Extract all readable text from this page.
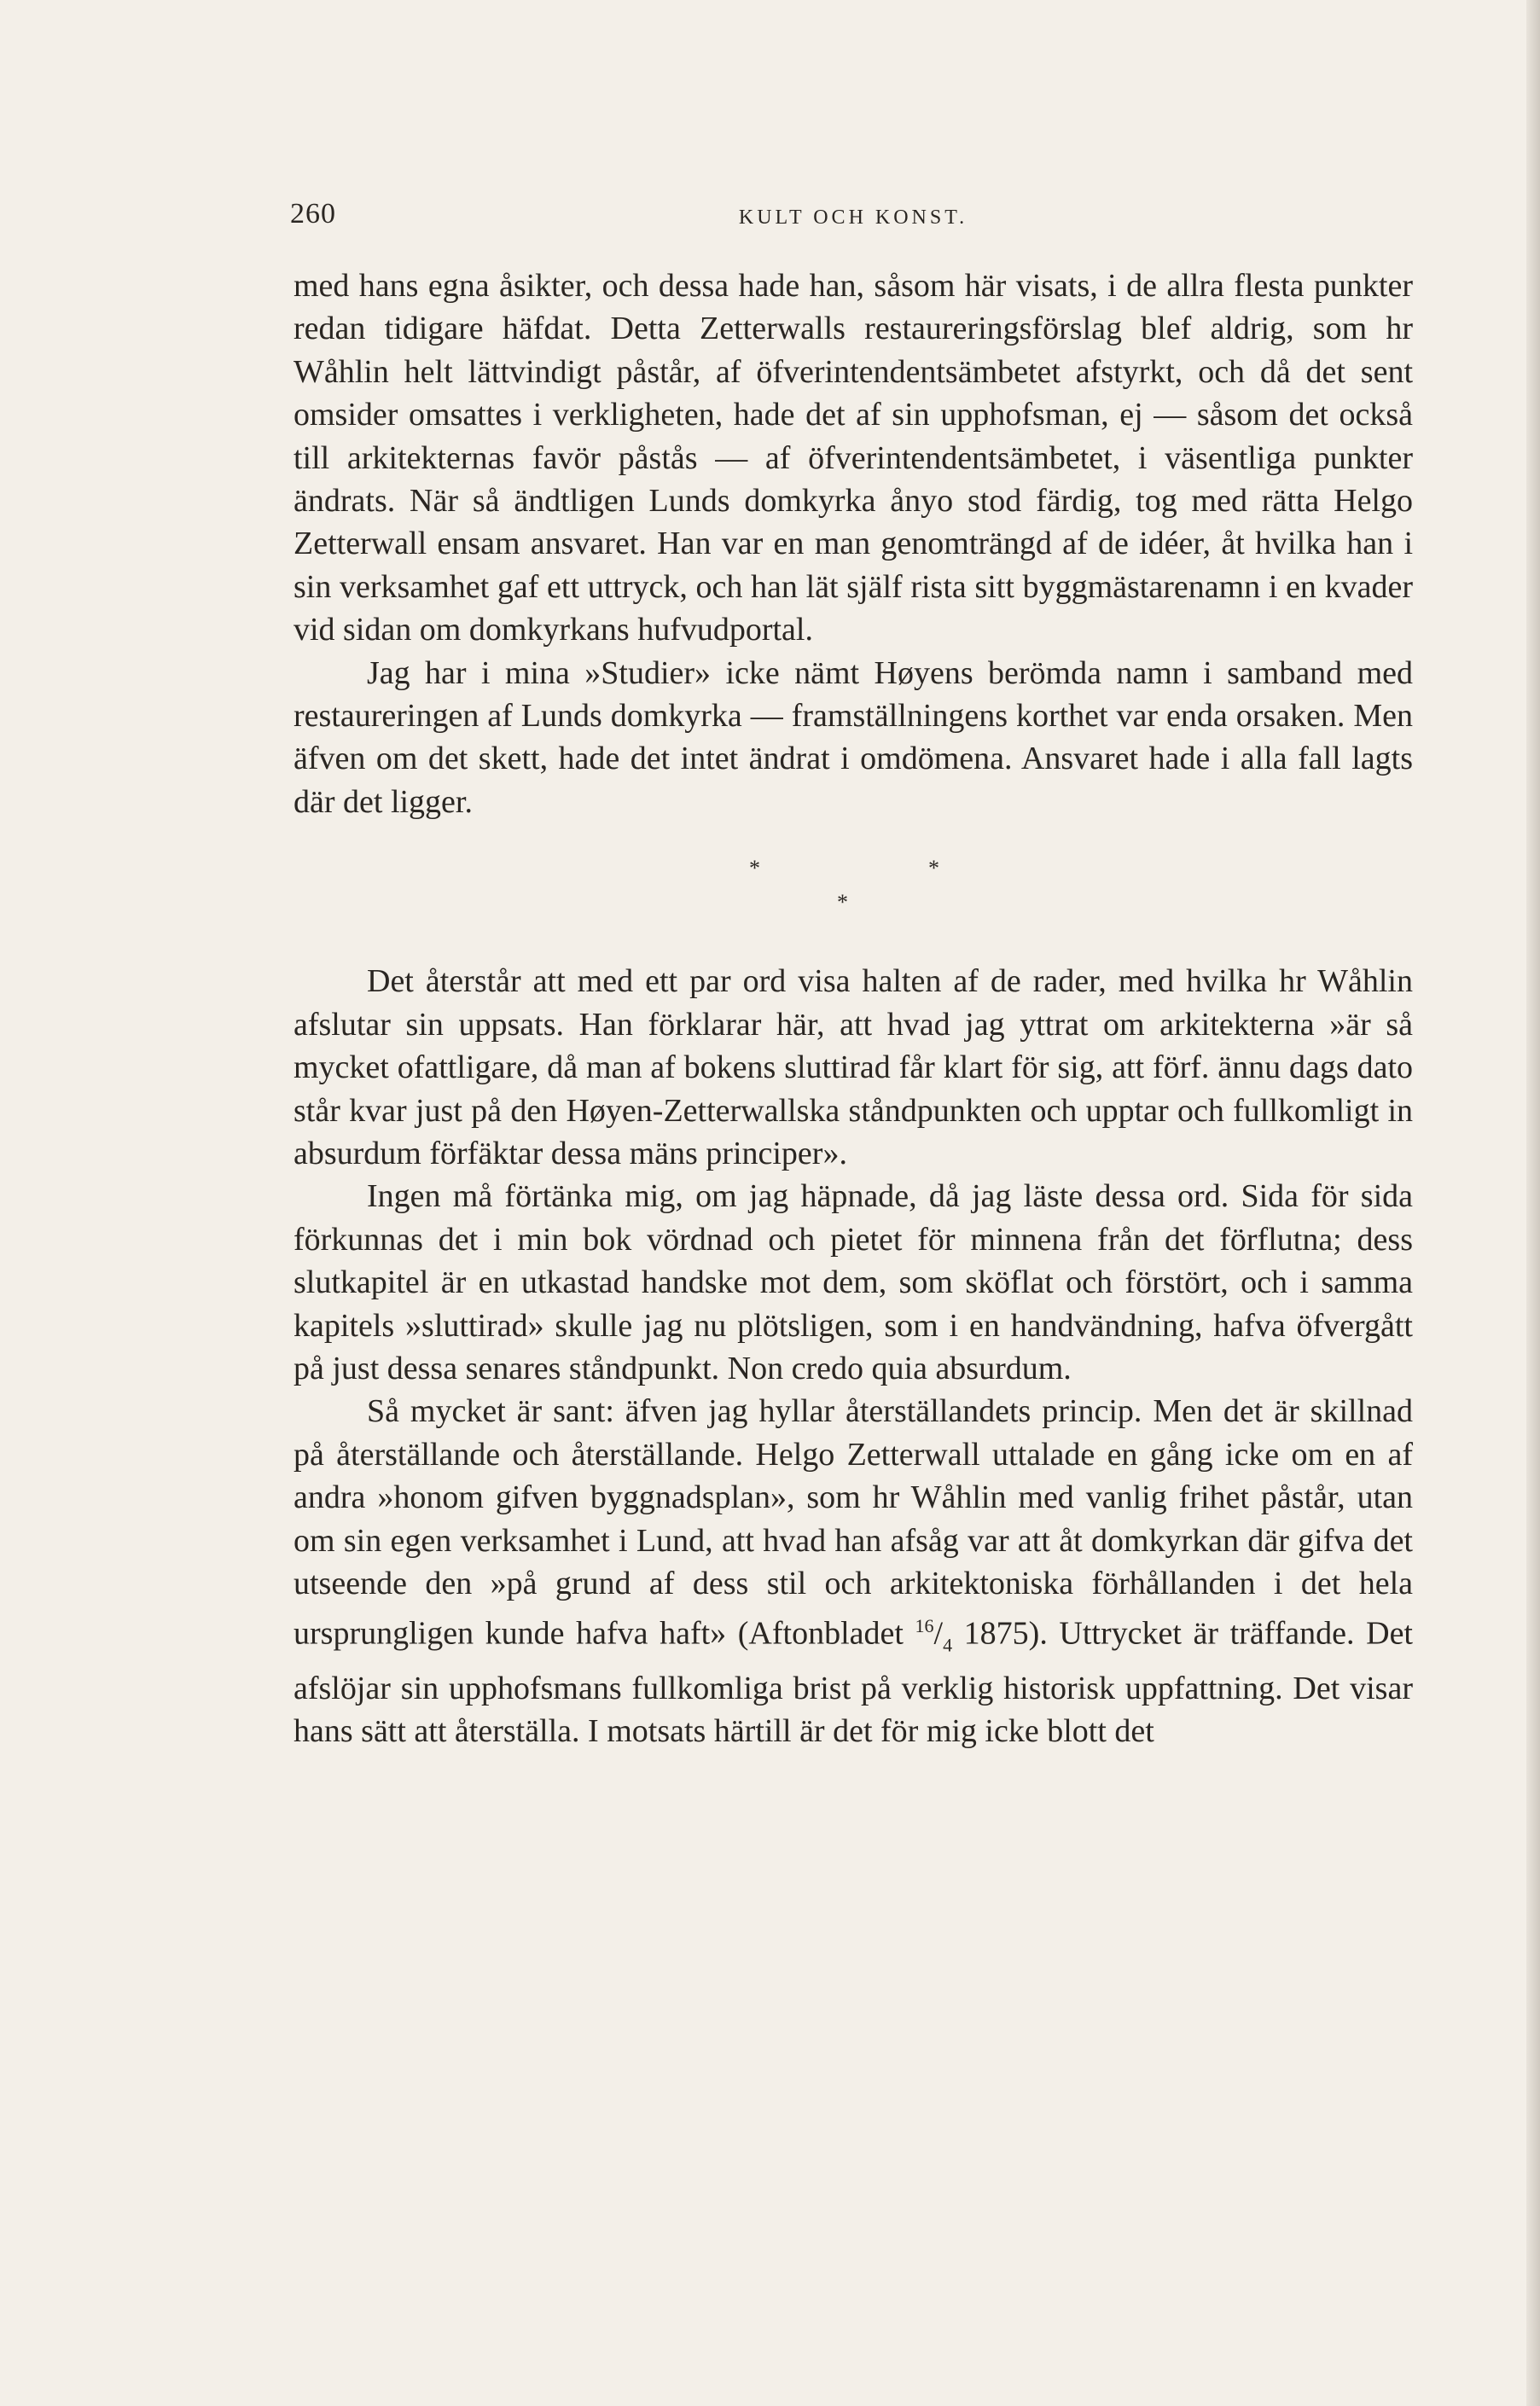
260	KULT OCH KONST.

med hans egna åsikter, och dessa hade han, såsom här visats, i de allra flesta punkter redan tidigare häfdat. Detta Zetterwalls restaureringsförslag blef aldrig, som hr Wåhlin helt lättvindigt påstår, af öfverintendentsämbetet afstyrkt, och då det sent omsider omsattes i verkligheten, hade det af sin upphofsman, ej — såsom det också till arkitekternas favör påstås — af öfverintendentsämbetet, i väsentliga punkter ändrats. När så ändtligen Lunds domkyrka ånyo stod färdig, tog med rätta Helgo Zetterwall ensam ansvaret. Han var en man genomträngd af de idéer, åt hvilka han i sin verksamhet gaf ett uttryck, och han lät själf rista sitt byggmästarenamn i en kvader vid sidan om domkyrkans hufvudportal.

Jag har i mina »Studier» icke nämt Høyens berömda namn i samband med restaureringen af Lunds domkyrka — framställningens korthet var enda orsaken. Men äfven om det skett, hade det intet ändrat i omdömena. Ansvaret hade i alla fall lagts där det ligger.

*	*
*

Det återstår att med ett par ord visa halten af de rader, med hvilka hr Wåhlin afslutar sin uppsats. Han förklarar här, att hvad jag yttrat om arkitekterna »är så mycket ofattligare, då man af bokens sluttirad får klart för sig, att förf. ännu dags dato står kvar just på den Høyen-Zetterwallska ståndpunkten och upptar och fullkomligt in absurdum förfäktar dessa mäns principer».

Ingen må förtänka mig, om jag häpnade, då jag läste dessa ord. Sida för sida förkunnas det i min bok vördnad och pietet för minnena från det förflutna; dess slutkapitel är en utkastad handske mot dem, som sköflat och förstört, och i samma kapitels »sluttirad» skulle jag nu plötsligen, som i en handvändning, hafva öfvergått på just dessa senares ståndpunkt. Non credo quia absurdum.

Så mycket är sant: äfven jag hyllar återställandets princip. Men det är skillnad på återställande och återställande. Helgo Zetterwall uttalade en gång icke om en af andra »honom gifven byggnadsplan», som hr Wåhlin med vanlig frihet påstår, utan om sin egen verksamhet i Lund, att hvad han afsåg var att åt domkyrkan där gifva det utseende den »på grund af dess stil och arkitektoniska förhållanden i det hela ursprungligen kunde hafva haft» (Aftonbladet $^{16}/_4$ 1875). Uttrycket är träffande. Det afslöjar sin upphofsmans fullkomliga brist på verklig historisk uppfattning. Det visar hans sätt att återställa. I motsats härtill är det för mig icke blott det
